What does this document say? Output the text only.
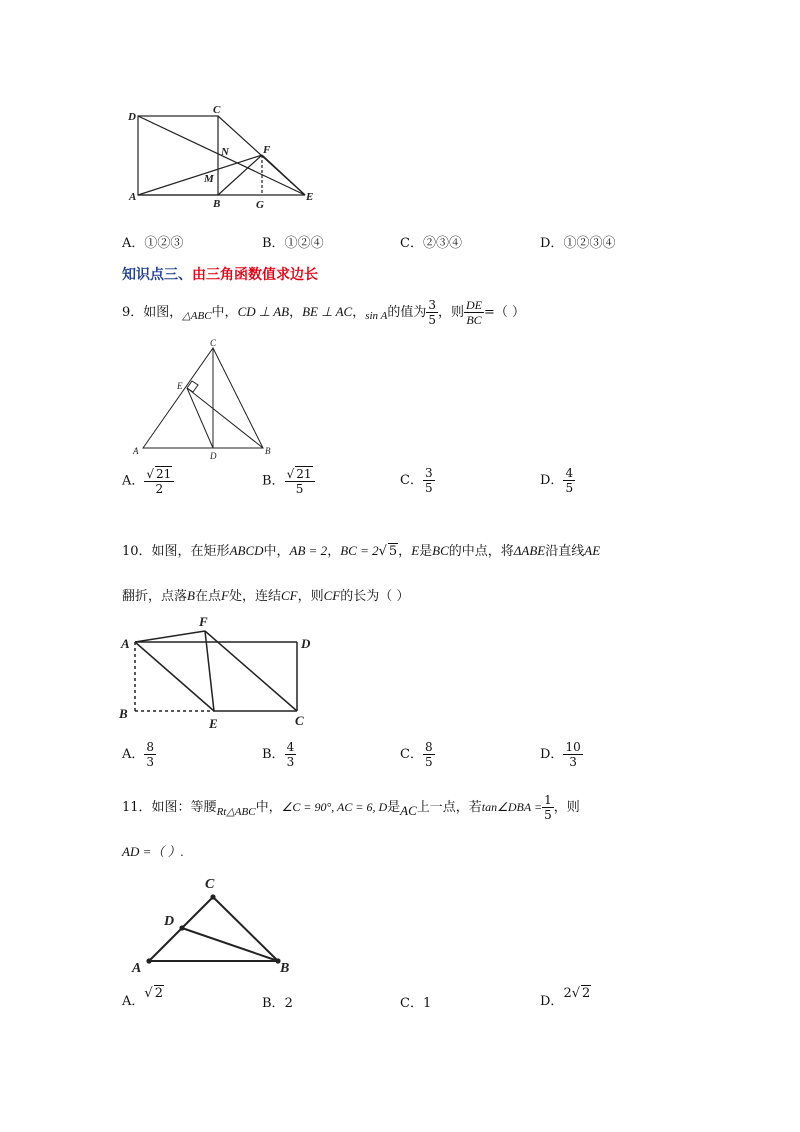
C
D
N	F
M
A
B	G
E
A．①②③	B．①②④	C．②③④	D．①②③④
知识点三、由三角函数值求边长
9．如图，$_{\triangle ABC}$中，CD ⊥ AB，BE ⊥ AC，$_{sin A}$的值为 $\frac{3}{5}$ ，则 $\frac{DE}{BC}$ =（ ）
C
E
A	D	B
A． $\frac{√ 21}{2}$	B． $\frac{√ 21}{5}$	C． $\frac{3}{5}$	D． $\frac{4}{5}$
10．如图，在矩形ABCD中，AB = 2，BC = 2√ 5，E是BC的中点，将ΔABE沿直线AE
翻折，点落B在点F处，连结CF，则CF的长为（ ）
A
F
D
B
E	C
A． $\frac{8}{3}$	B． $\frac{4}{3}$	C． $\frac{8}{5}$	D． $\frac{10}{3}$
11．如图：等腰$_{Rt\triangle ABC}$中，∠C = 90°, AC = 6, D是AC上一点，若tan∠DBA = $\frac{1}{5}$ ，则
AD =（ ）.
C
D
A	B
A．√ 2
B．2	C．1	D．2√ 2
